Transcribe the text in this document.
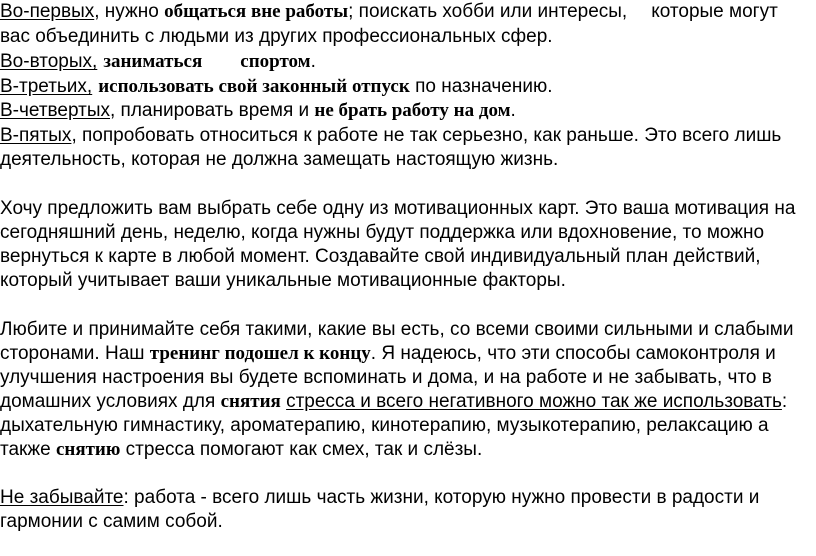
Во-первых, нужно общаться вне работы; поискать хобби или интересы, которые могут
вас объединить с людьми из других профессиональных сфер.
Во-вторых, заниматься спортом.
В-третьих, использовать свой законный отпуск по назначению.
В-четвертых, планировать время и не брать работу на дом.
В-пятых, попробовать относиться к работе не так серьезно, как раньше. Это всего лишь
деятельность, которая не должна замещать настоящую жизнь.
Хочу предложить вам выбрать себе одну из мотивационных карт. Это ваша мотивация на
сегодняшний день, неделю, когда нужны будут поддержка или вдохновение, то можно
вернуться к карте в любой момент. Создавайте свой индивидуальный план действий,
который учитывает ваши уникальные мотивационные факторы.
Любите и принимайте себя такими, какие вы есть, со всеми своими сильными и слабыми
сторонами. Наш тренинг подошел к концу. Я надеюсь, что эти способы самоконтроля и
улучшения настроения вы будете вспоминать и дома, и на работе и не забывать, что в
домашних условиях для снятия стресса и всего негативного можно так же использовать:
дыхательную гимнастику, ароматерапию, кинотерапию, музыкотерапию, релаксацию а
также снятию стресса помогают как смех, так и слёзы.
Не забывайте: работа - всего лишь часть жизни, которую нужно провести в радости и
гармонии с самим собой.
